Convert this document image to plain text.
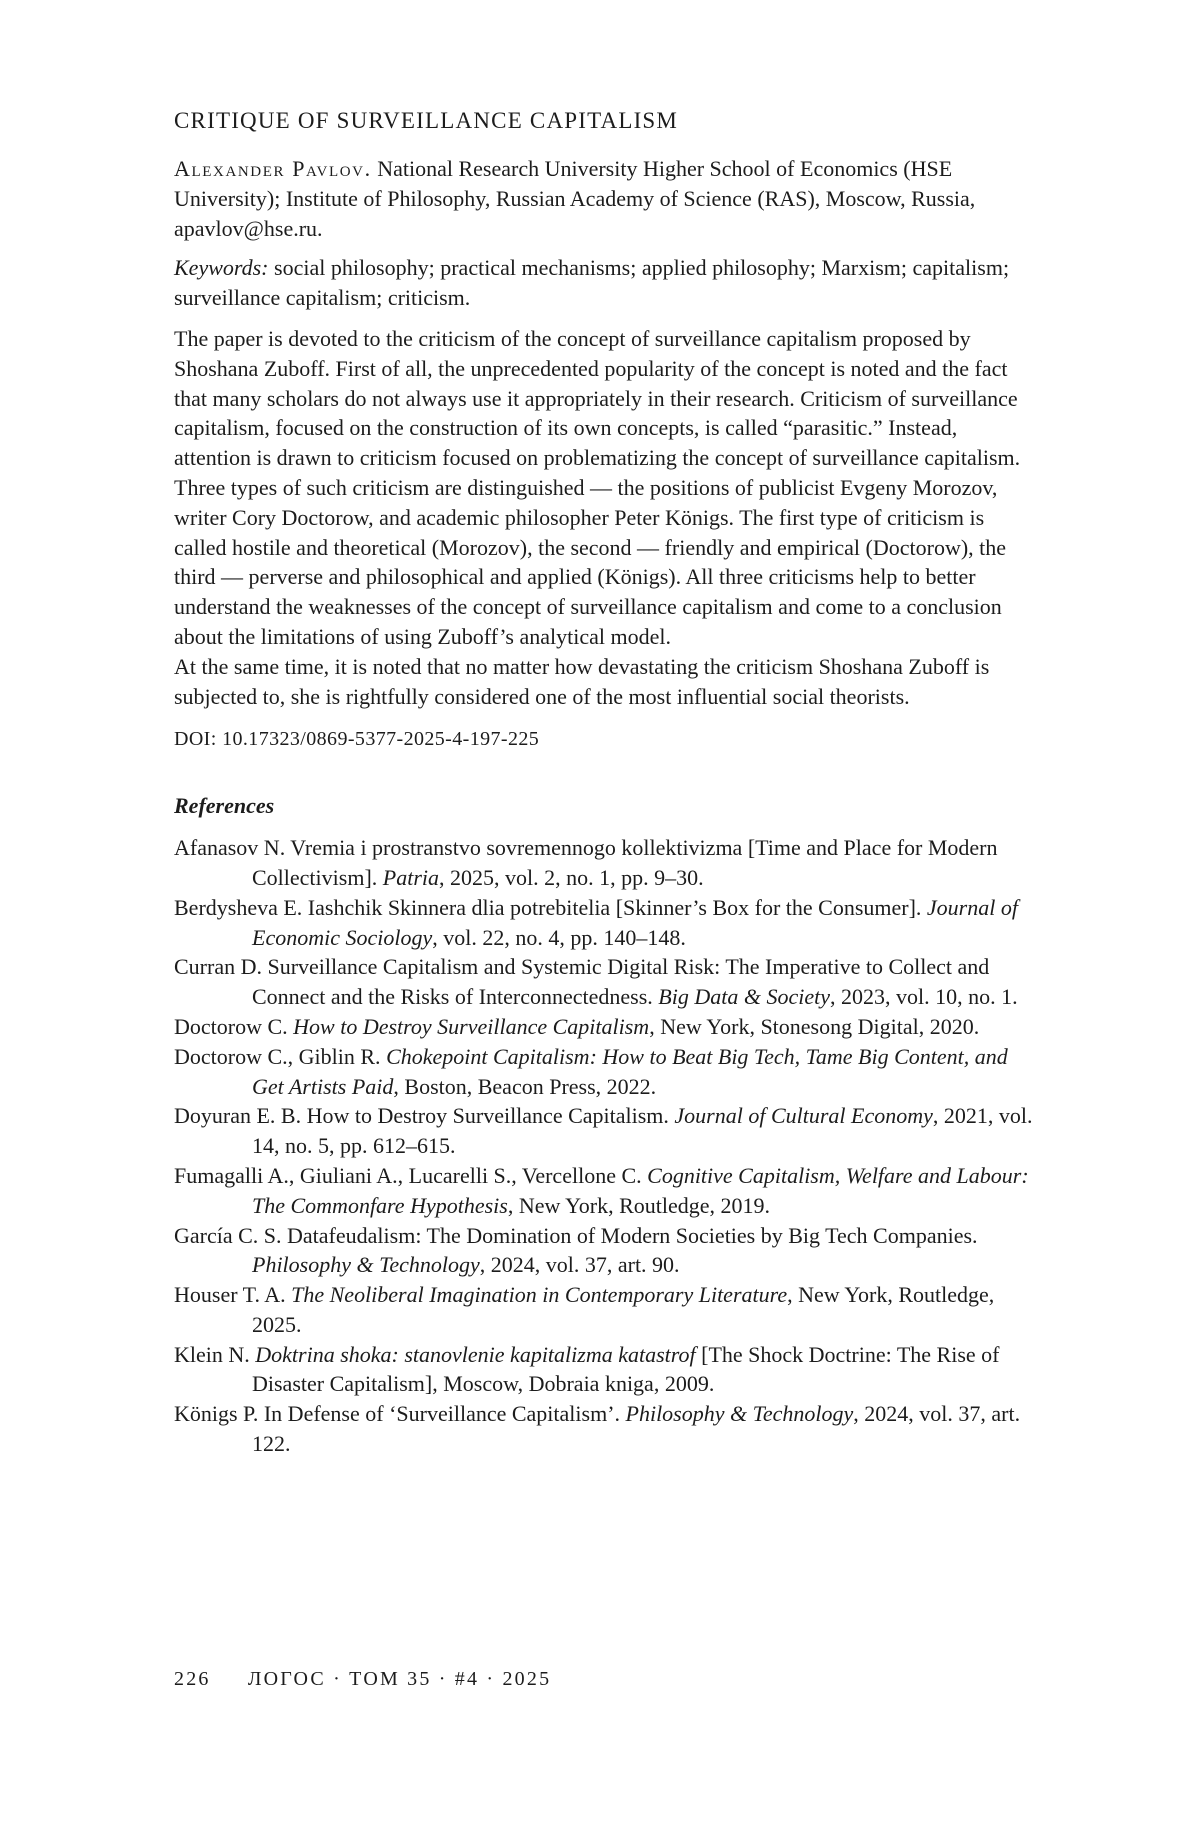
CRITIQUE OF SURVEILLANCE CAPITALISM

Alexander Pavlov. National Research University Higher School of Economics (HSE University); Institute of Philosophy, Russian Academy of Science (RAS), Moscow, Russia, apavlov@hse.ru.

Keywords: social philosophy; practical mechanisms; applied philosophy; Marxism; capitalism; surveillance capitalism; criticism.

The paper is devoted to the criticism of the concept of surveillance capitalism proposed by Shoshana Zuboff. First of all, the unprecedented popularity of the concept is noted and the fact that many scholars do not always use it appropriately in their research. Criticism of surveillance capitalism, focused on the construction of its own concepts, is called “parasitic.” Instead, attention is drawn to criticism focused on problematizing the concept of surveillance capitalism. Three types of such criticism are distinguished — the positions of publicist Evgeny Morozov, writer Cory Doctorow, and academic philosopher Peter Königs. The first type of criticism is called hostile and theoretical (Morozov), the second — friendly and empirical (Doctorow), the third — perverse and philosophical and applied (Königs). All three criticisms help to better understand the weaknesses of the concept of surveillance capitalism and come to a conclusion about the limitations of using Zuboff’s analytical model.

At the same time, it is noted that no matter how devastating the criticism Shoshana Zuboff is subjected to, she is rightfully considered one of the most influential social theorists.

DOI: 10.17323/0869-5377-2025-4-197-225

References

Afanasov N. Vremia i prostranstvo sovremennogo kollektivizma [Time and Place for Modern Collectivism]. Patria, 2025, vol. 2, no. 1, pp. 9–30.

Berdysheva E. Iashchik Skinnera dlia potrebitelia [Skinner’s Box for the Consumer]. Journal of Economic Sociology, vol. 22, no. 4, pp. 140–148.

Curran D. Surveillance Capitalism and Systemic Digital Risk: The Imperative to Collect and Connect and the Risks of Interconnectedness. Big Data & Society, 2023, vol. 10, no. 1.

Doctorow C. How to Destroy Surveillance Capitalism, New York, Stonesong Digital, 2020.

Doctorow C., Giblin R. Chokepoint Capitalism: How to Beat Big Tech, Tame Big Content, and Get Artists Paid, Boston, Beacon Press, 2022.

Doyuran E. B. How to Destroy Surveillance Capitalism. Journal of Cultural Economy, 2021, vol. 14, no. 5, pp. 612–615.

Fumagalli A., Giuliani A., Lucarelli S., Vercellone C. Cognitive Capitalism, Welfare and Labour: The Commonfare Hypothesis, New York, Routledge, 2019.

García C. S. Datafeudalism: The Domination of Modern Societies by Big Tech Companies. Philosophy & Technology, 2024, vol. 37, art. 90.

Houser T. A. The Neoliberal Imagination in Contemporary Literature, New York, Routledge, 2025.

Klein N. Doktrina shoka: stanovlenie kapitalizma katastrof [The Shock Doctrine: The Rise of Disaster Capitalism], Moscow, Dobraia kniga, 2009.

Königs P. In Defense of ‘Surveillance Capitalism’. Philosophy & Technology, 2024, vol. 37, art. 122.

226 ЛОГОС · ТОМ 35 · #4 · 2025
